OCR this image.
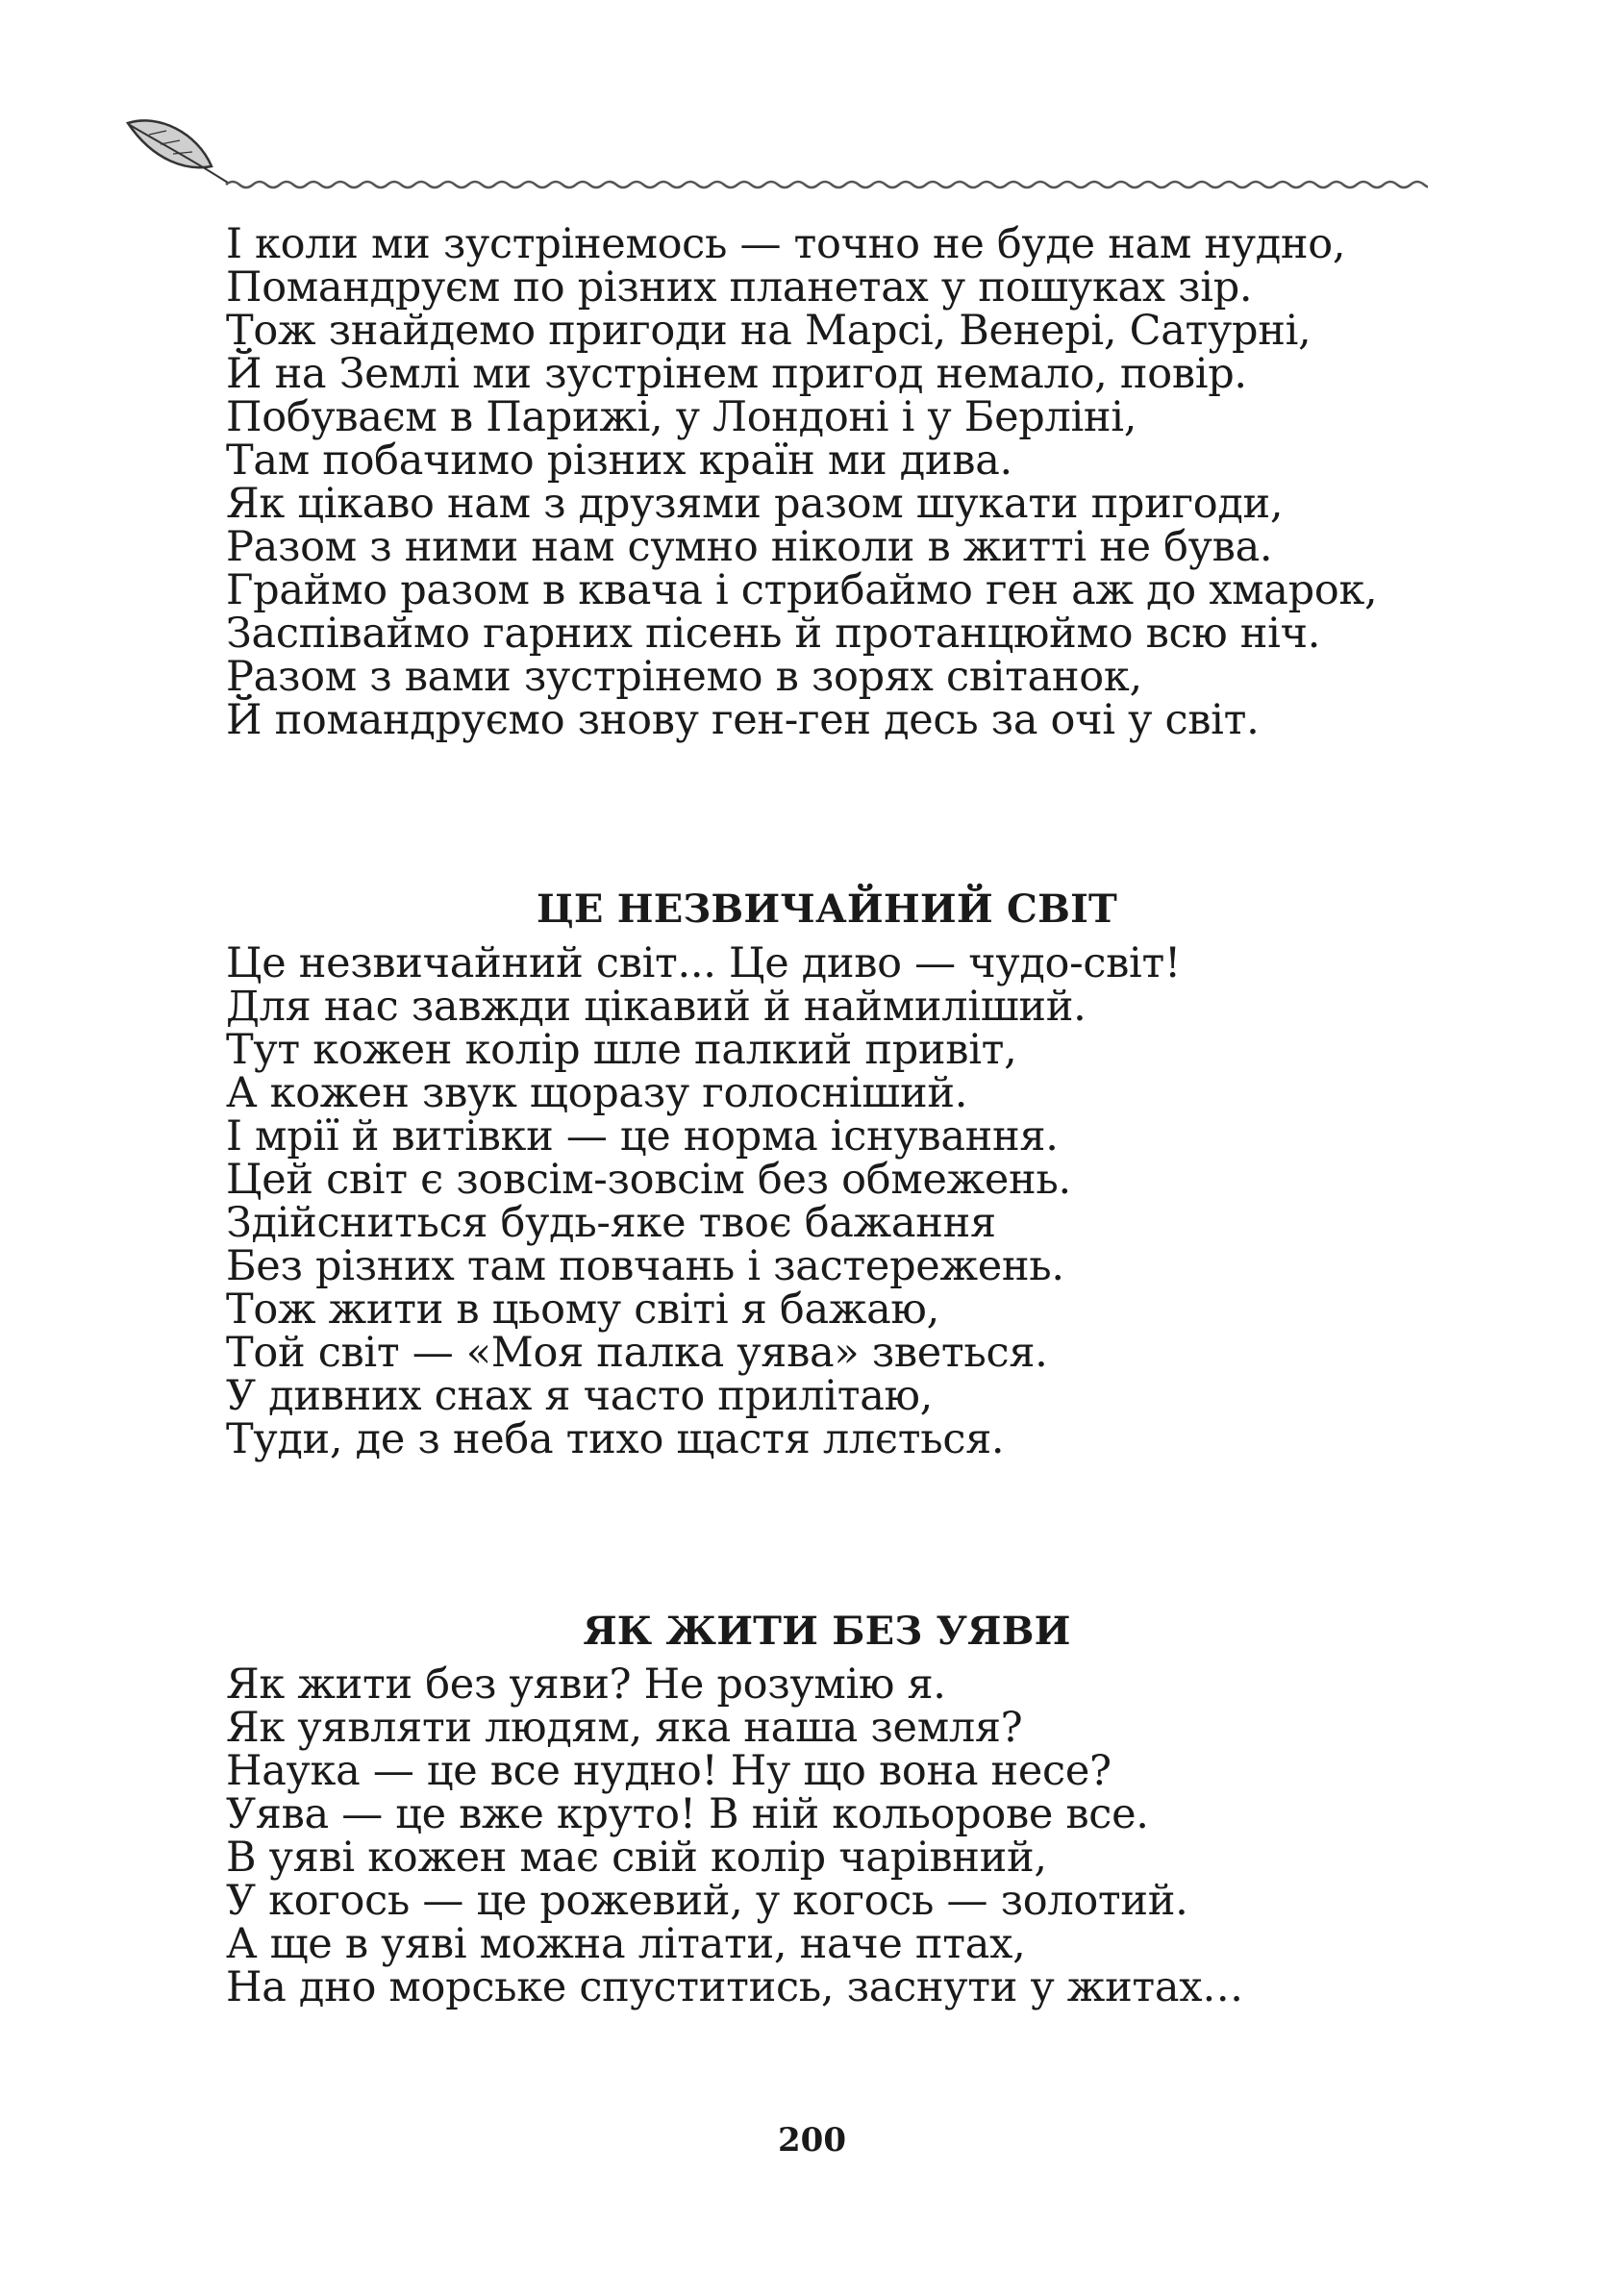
І коли ми зустрінемось — точно не буде нам нудно,
Помандруєм по різних планетах у пошуках зір.
Тож знайдемо пригоди на Марсі, Венері, Сатурні,
Й на Землі ми зустрінем пригод немало, повір.
Побуваєм в Парижі, у Лондоні і у Берліні,
Там побачимо різних країн ми дива.
Як цікаво нам з друзями разом шукати пригоди,
Разом з ними нам сумно ніколи в житті не бува.
Граймо разом в квача і стрибаймо ген аж до хмарок,
Заспіваймо гарних пісень й протанцюймо всю ніч.
Разом з вами зустрінемо в зорях світанок,
Й помандруємо знову ген-ген десь за очі у світ.
ЦЕ НЕЗВИЧАЙНИЙ СВІТ
Це незвичайний світ... Це диво — чудо-світ!
Для нас завжди цікавий й наймиліший.
Тут кожен колір шле палкий привіт,
А кожен звук щоразу голосніший.
І мрії й витівки — це норма існування.
Цей світ є зовсім-зовсім без обмежень.
Здійсниться будь-яке твоє бажання
Без різних там повчань і застережень.
Тож жити в цьому світі я бажаю,
Той світ — «Моя палка уява» зветься.
У дивних снах я часто прилітаю,
Туди, де з неба тихо щастя ллється.
ЯК ЖИТИ БЕЗ УЯВИ
Як жити без уяви? Не розумію я.
Як уявляти людям, яка наша земля?
Наука — це все нудно! Ну що вона несе?
Уява — це вже круто! В ній кольорове все.
В уяві кожен має свій колір чарівний,
У когось — це рожевий, у когось — золотий.
А ще в уяві можна літати, наче птах,
На дно морське спуститись, заснути у житах…
200
